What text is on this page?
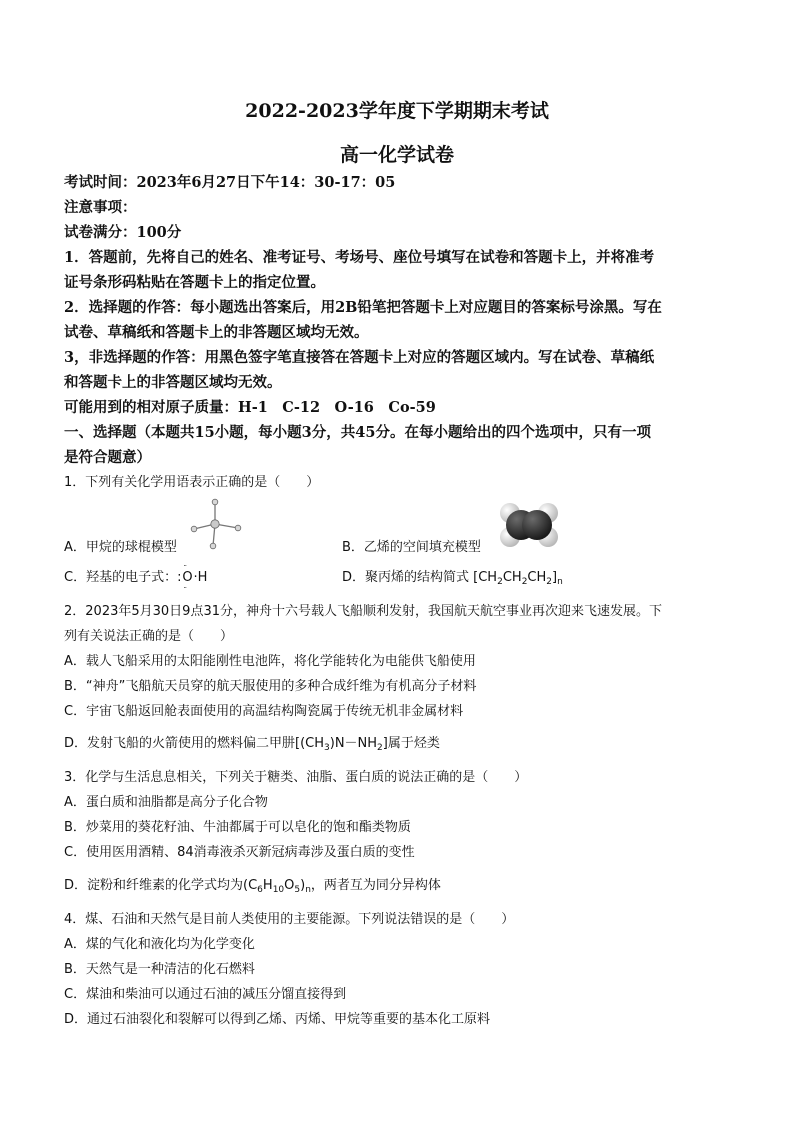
2022-2023学年度下学期期末考试
高一化学试卷
考试时间：2023年6月27日下午14：30-17：05
注意事项：
试卷满分：100分
1．答题前，先将自己的姓名、准考证号、考场号、座位号填写在试卷和答题卡上，并将准考
证号条形码粘贴在答题卡上的指定位置。
2．选择题的作答：每小题选出答案后，用2B铅笔把答题卡上对应题目的答案标号涂黑。写在
试卷、草稿纸和答题卡上的非答题区域均无效。
3，非选择题的作答：用黑色签字笔直接答在答题卡上对应的答题区域内。写在试卷、草稿纸
和答题卡上的非答题区域均无效。
可能用到的相对原子质量：H-1　C-12　O-16　Co-59
一、选择题（本题共15小题，每小题3分，共45分。在每小题给出的四个选项中，只有一项
是符合题意）
1．下列有关化学用语表示正确的是（　　）
A．甲烷的球棍模型	B．乙烯的空间填充模型
C．羟基的电子式：:
··
O
··
·H	D．聚丙烯的结构简式 $[CH_2CH_2CH_2]_n$
2．2023年5月30日9点31分，神舟十六号载人飞船顺利发射，我国航天航空事业再次迎来飞速发展。下
列有关说法正确的是（　　）
A．载人飞船采用的太阳能刚性电池阵，将化学能转化为电能供飞船使用
B．“神舟”飞船航天员穿的航天服使用的多种合成纤维为有机高分子材料
C．宇宙飞船返回舱表面使用的高温结构陶瓷属于传统无机非金属材料
D．发射飞船的火箭使用的燃料偏二甲肼$[(CH_3)N-NH_2]$属于烃类
3．化学与生活息息相关，下列关于糖类、油脂、蛋白质的说法正确的是（　　）
A．蛋白质和油脂都是高分子化合物
B．炒菜用的葵花籽油、牛油都属于可以皂化的饱和酯类物质
C．使用医用酒精、84消毒液杀灭新冠病毒涉及蛋白质的变性
D．淀粉和纤维素的化学式均为$(C_6H_{10}O_5)_n$，两者互为同分异构体
4．煤、石油和天然气是目前人类使用的主要能源。下列说法错误的是（　　）
A．煤的气化和液化均为化学变化
B．天然气是一种清洁的化石燃料
C．煤油和柴油可以通过石油的减压分馏直接得到
D．通过石油裂化和裂解可以得到乙烯、丙烯、甲烷等重要的基本化工原料
